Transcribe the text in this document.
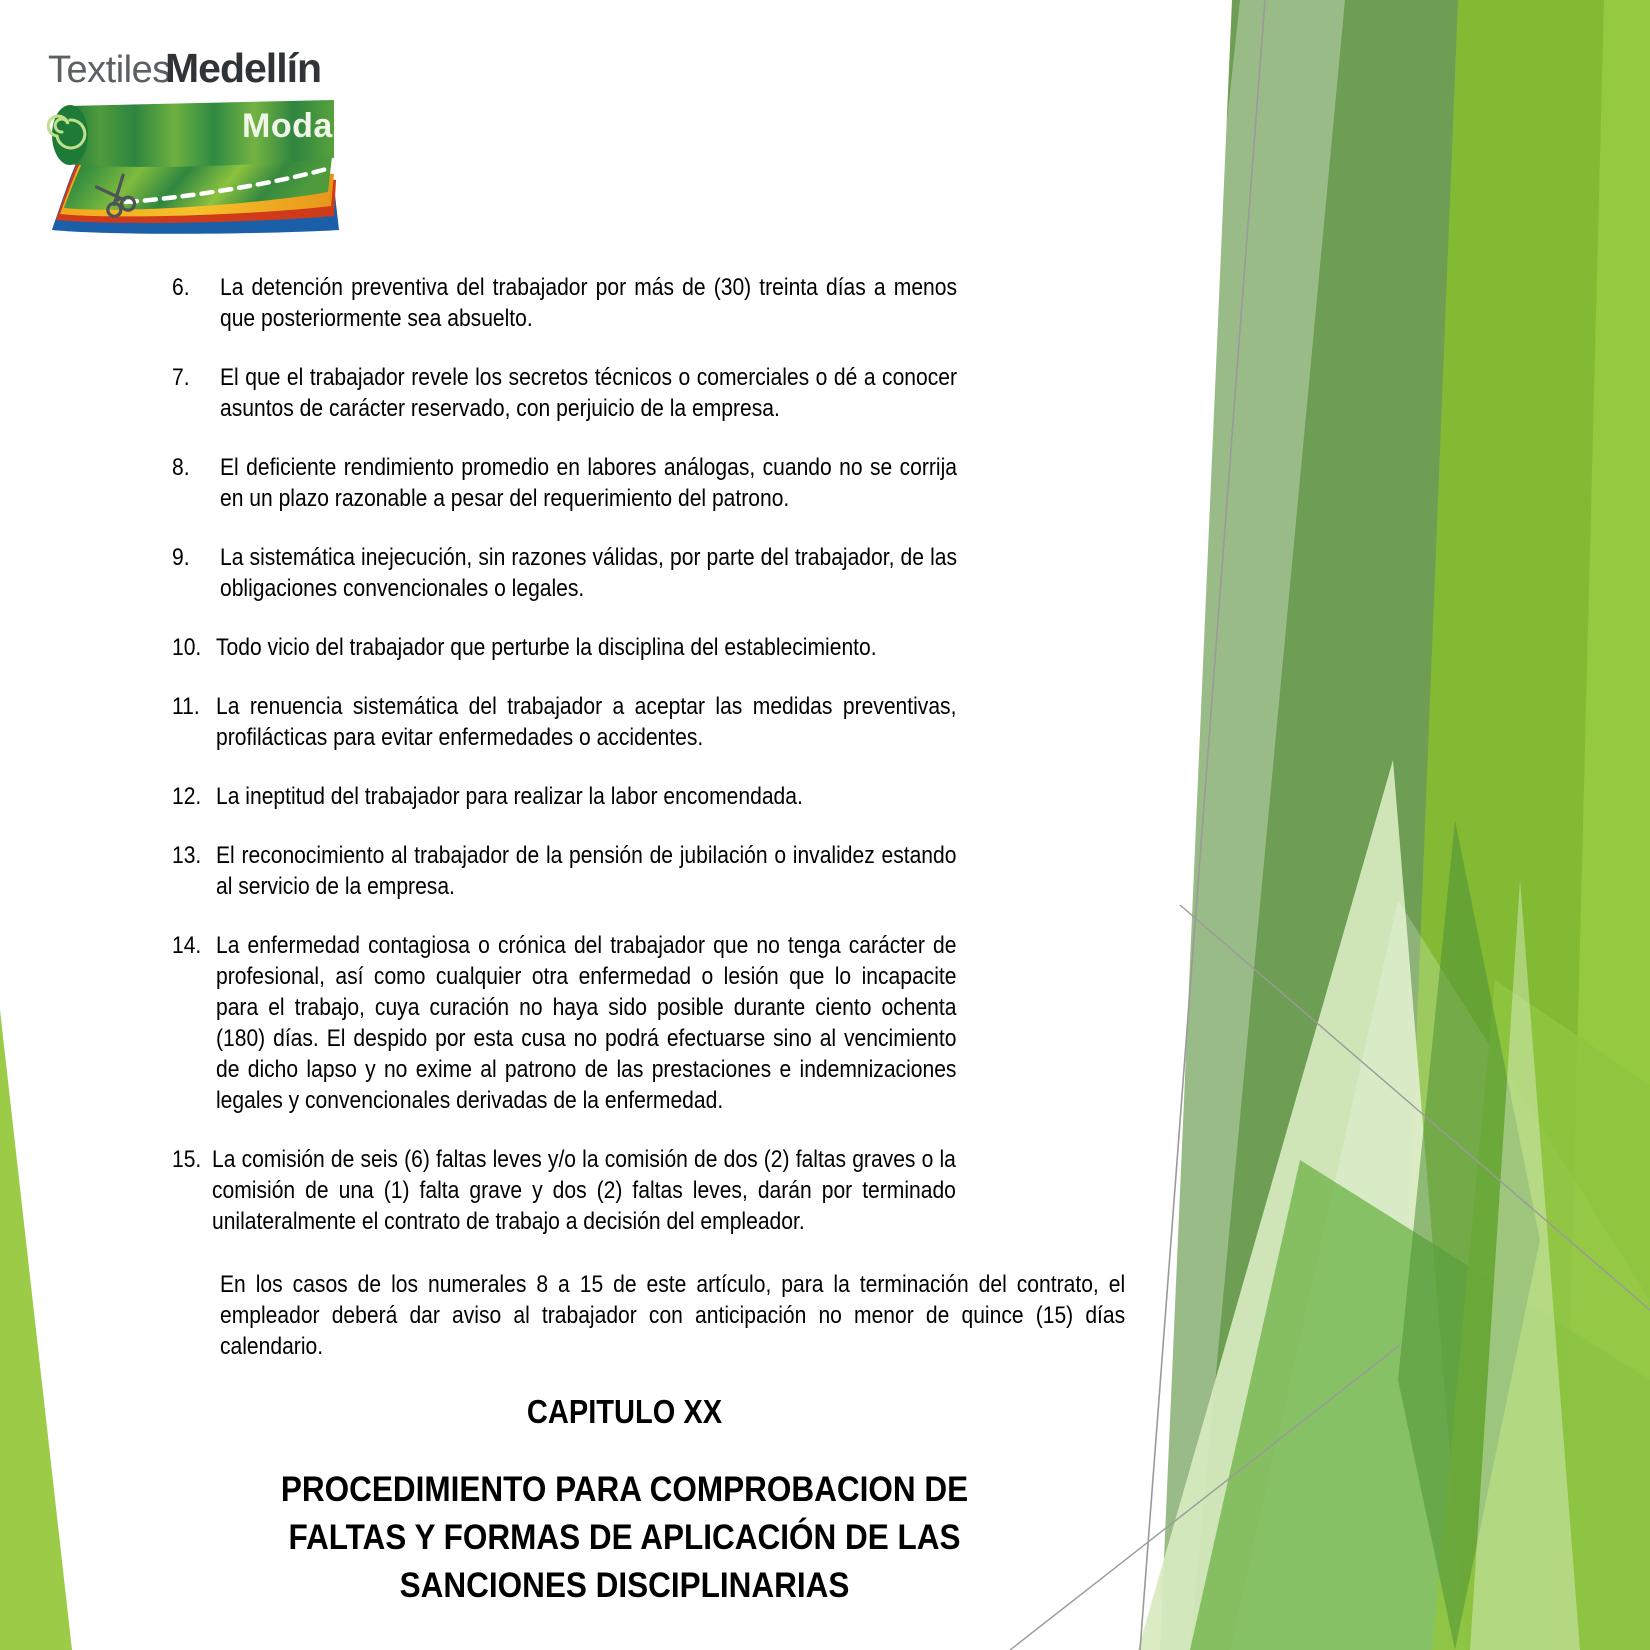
Textiles
Medellín
Moda
6.	La detención preventiva del trabajador por más de (30) treinta días a menos que posteriormente sea absuelto.
7.	El que el trabajador revele los secretos técnicos o comerciales o dé a conocer asuntos de carácter reservado, con perjuicio de la empresa.
8.	El deficiente rendimiento promedio en labores análogas, cuando no se corrija en un plazo razonable a pesar del requerimiento del patrono.
9.	La sistemática inejecución, sin razones válidas, por parte del trabajador, de las obligaciones convencionales o legales.
10. Todo vicio del trabajador que perturbe la disciplina del establecimiento.
11. La renuencia sistemática del trabajador a aceptar las medidas preventivas, profilácticas para evitar enfermedades o accidentes.
12. La ineptitud del trabajador para realizar la labor encomendada.
13. El reconocimiento al trabajador de la pensión de jubilación o invalidez estando al servicio de la empresa.
14. La enfermedad contagiosa o crónica del trabajador que no tenga carácter de profesional, así como cualquier otra enfermedad o lesión que lo incapacite para el trabajo, cuya curación no haya sido posible durante ciento ochenta (180) días. El despido por esta cusa no podrá efectuarse sino al vencimiento de dicho lapso y no exime al patrono de las prestaciones e indemnizaciones legales y convencionales derivadas de la enfermedad.
15. La comisión de seis (6) faltas leves y/o la comisión de dos (2) faltas graves o la comisión de una (1) falta grave y dos (2) faltas leves, darán por terminado unilateralmente el contrato de trabajo a decisión del empleador.
En los casos de los numerales 8 a 15 de este artículo, para la terminación del contrato, el empleador deberá dar aviso al trabajador con anticipación no menor de quince (15) días calendario.
CAPITULO XX
PROCEDIMIENTO PARA COMPROBACION DE
FALTAS Y FORMAS DE APLICACIÓN DE LAS
SANCIONES DISCIPLINARIAS
